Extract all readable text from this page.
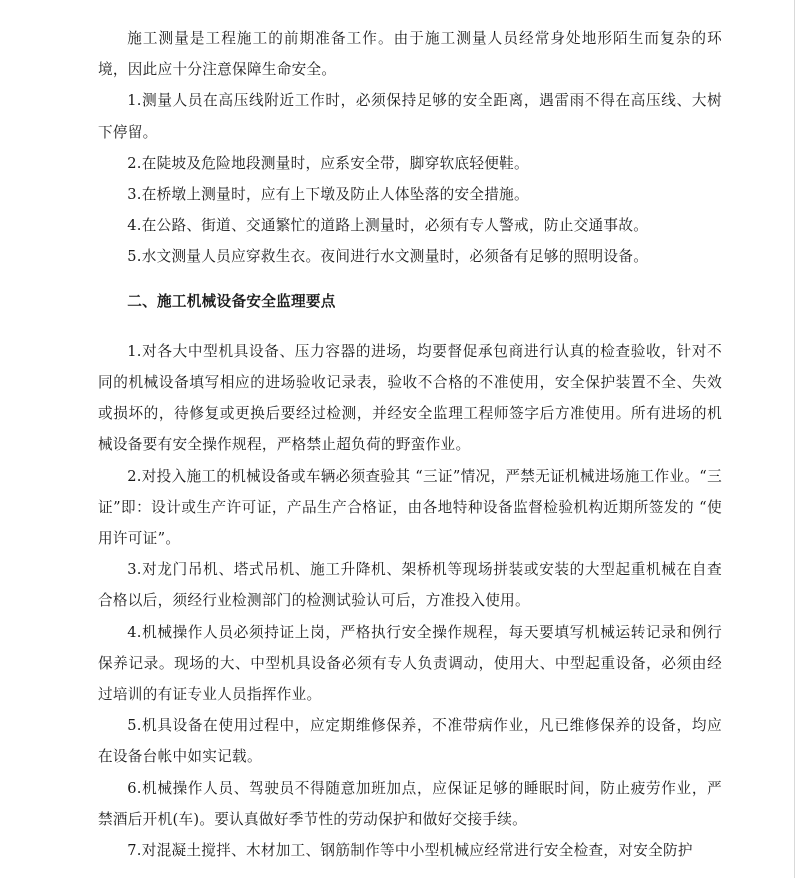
施工测量是工程施工的前期准备工作。由于施工测量人员经常身处地形陌生而复杂的环境，因此应十分注意保障生命安全。

1.测量人员在高压线附近工作时，必须保持足够的安全距离，遇雷雨不得在高压线、大树下停留。

2.在陡坡及危险地段测量时，应系安全带，脚穿软底轻便鞋。

3.在桥墩上测量时，应有上下墩及防止人体坠落的安全措施。

4.在公路、街道、交通繁忙的道路上测量时，必须有专人警戒，防止交通事故。

5.水文测量人员应穿救生衣。夜间进行水文测量时，必须备有足够的照明设备。

二、施工机械设备安全监理要点

1.对各大中型机具设备、压力容器的进场，均要督促承包商进行认真的检查验收，针对不同的机械设备填写相应的进场验收记录表，验收不合格的不准使用，安全保护装置不全、失效或损坏的，待修复或更换后要经过检测，并经安全监理工程师签字后方准使用。所有进场的机械设备要有安全操作规程，严格禁止超负荷的野蛮作业。

2.对投入施工的机械设备或车辆必须查验其 “三证”情况，严禁无证机械进场施工作业。“三证”即：设计或生产许可证，产品生产合格证，由各地特种设备监督检验机构近期所签发的 “使用许可证”。

3.对龙门吊机、塔式吊机、施工升降机、架桥机等现场拼装或安装的大型起重机械在自查合格以后，须经行业检测部门的检测试验认可后，方准投入使用。

4.机械操作人员必须持证上岗，严格执行安全操作规程，每天要填写机械运转记录和例行保养记录。现场的大、中型机具设备必须有专人负责调动，使用大、中型起重设备，必须由经过培训的有证专业人员指挥作业。

5.机具设备在使用过程中，应定期维修保养，不准带病作业，凡已维修保养的设备，均应在设备台帐中如实记载。

6.机械操作人员、驾驶员不得随意加班加点，应保证足够的睡眠时间，防止疲劳作业，严禁酒后开机(车)。要认真做好季节性的劳动保护和做好交接手续。

7.对混凝土搅拌、木材加工、钢筋制作等中小型机械应经常进行安全检查，对安全防护
